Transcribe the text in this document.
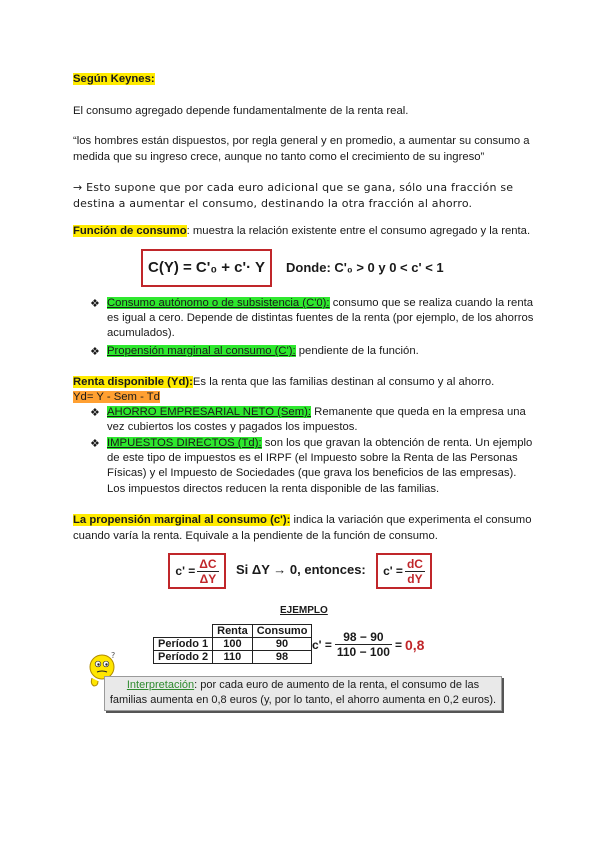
Según Keynes:
El consumo agregado depende fundamentalmente de la renta real.
“los hombres están dispuestos, por regla general y en promedio, a aumentar su consumo a
medida que su ingreso crece, aunque no tanto como el crecimiento de su ingreso”
→ Esto supone que por cada euro adicional que se gana, sólo una fracción se
destina a aumentar el consumo, destinando la otra fracción al ahorro.
Función de consumo: muestra la relación existente entre el consumo agregado y la renta.
C(Y) = C'₀ + c'· Y	Donde: C'₀ > 0 y 0 < c' < 1
❖ Consumo autónomo o de subsistencia (C'0): consumo que se realiza cuando la renta
es igual a cero. Depende de distintas fuentes de la renta (por ejemplo, de los ahorros
acumulados).
❖ Propensión marginal al consumo (C'): pendiente de la función.
Renta disponible (Yd):Es la renta que las familias destinan al consumo y al ahorro.
Yd= Y - Sem - Td
❖ AHORRO EMPRESARIAL NETO (Sem): Remanente que queda en la empresa una
vez cubiertos los costes y pagados los impuestos.
❖ IMPUESTOS DIRECTOS (Td): son los que gravan la obtención de renta. Un ejemplo
de este tipo de impuestos es el IRPF (el Impuesto sobre la Renta de las Personas
Físicas) y el Impuesto de Sociedades (que grava los beneficios de las empresas).
Los impuestos directos reducen la renta disponible de las familias.
La propensión marginal al consumo (c'): indica la variación que experimenta el consumo
cuando varía la renta. Equivale a la pendiente de la función de consumo.
$c' = \frac{\Delta C}{\Delta Y}$ Si ΔY → 0, entonces: $c' = \frac{dC}{dY}$
EJEMPLO
	Renta	Consumo
Período 1	100	90
Período 2	110	98
$c' = \frac{98 - 90}{110 - 100} = 0,8$
?
Interpretación: por cada euro de aumento de la renta, el consumo de las
familias aumenta en 0,8 euros (y, por lo tanto, el ahorro aumenta en 0,2 euros).
